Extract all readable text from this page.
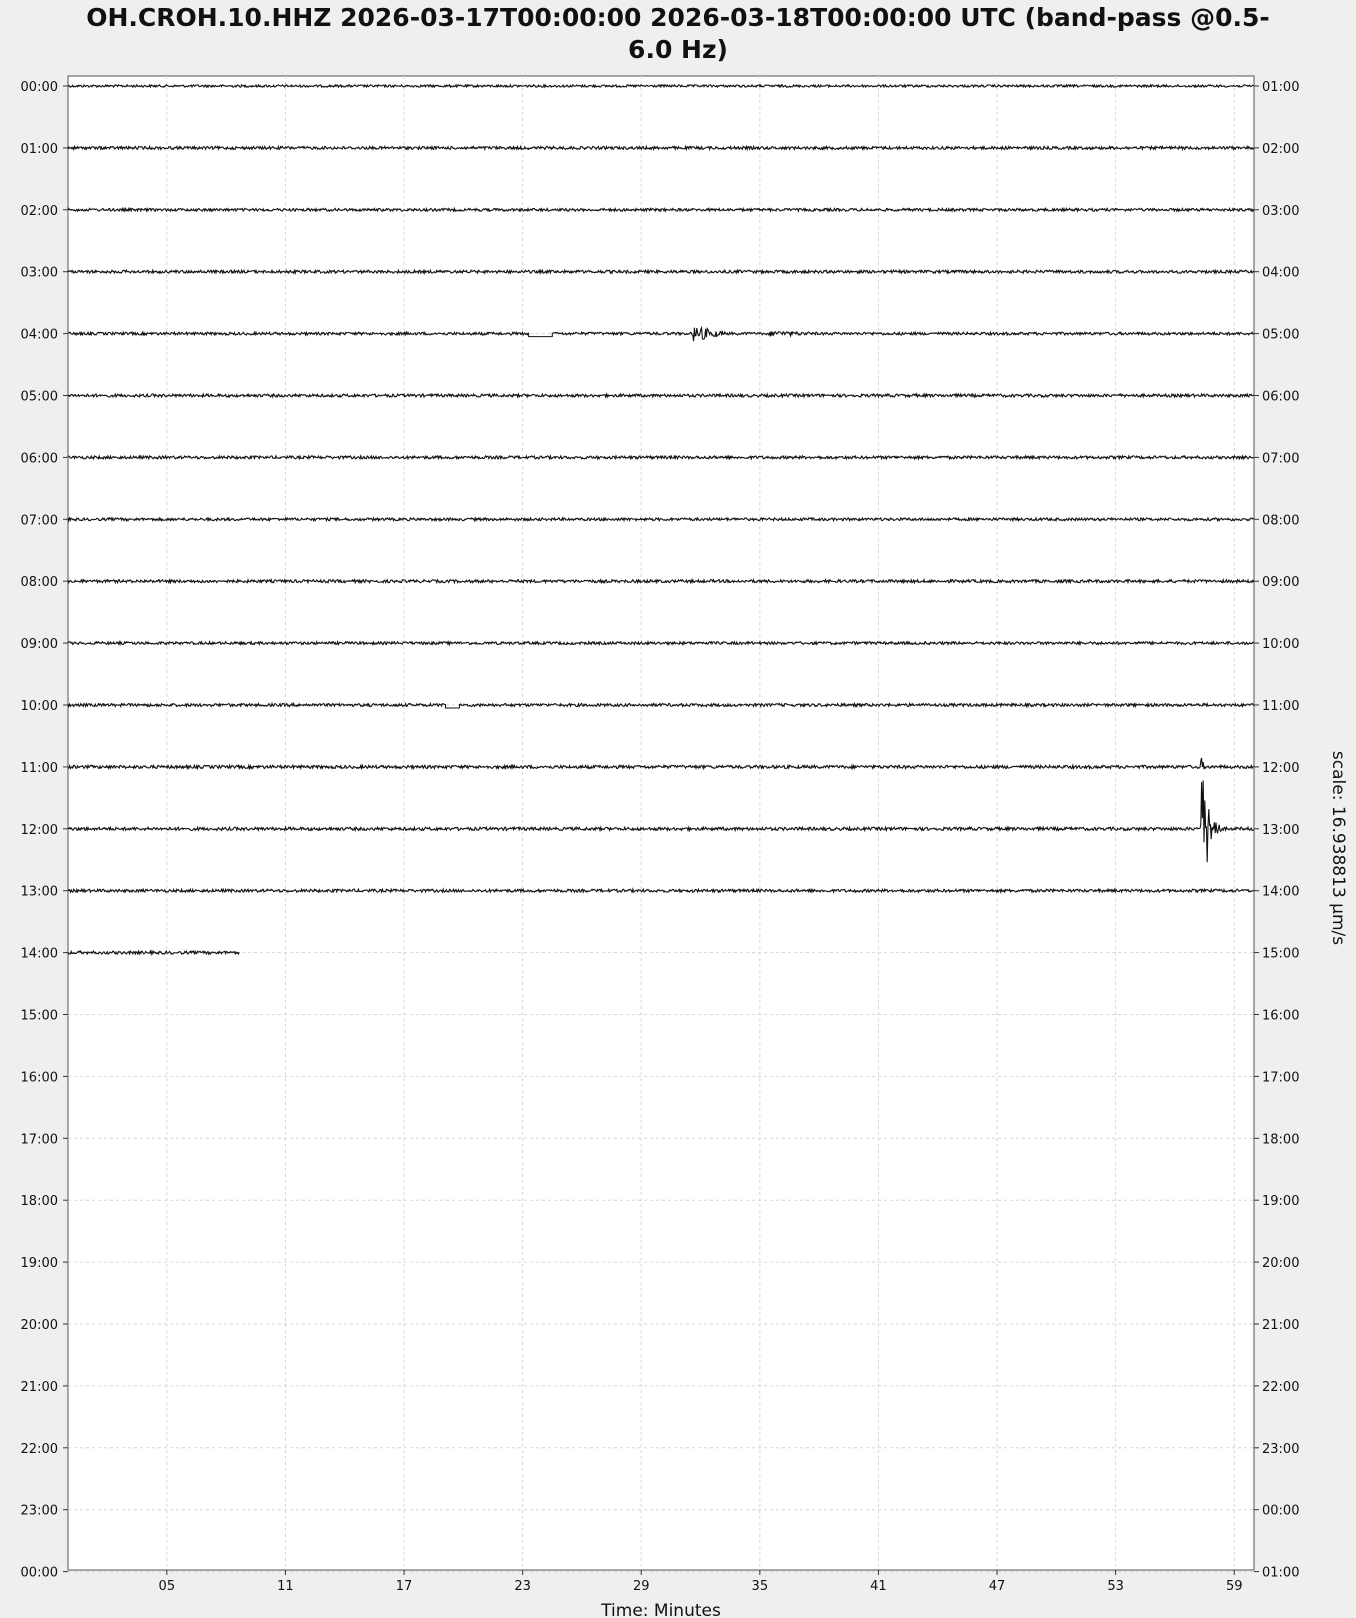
OH.CROH.10.HHZ 2026-03-17T00:00:00 2026-03-18T00:00:00 UTC (band-pass @0.5-
6.0 Hz)
00:00
01:00
02:00
03:00
04:00
05:00
06:00
07:00
08:00
09:00
10:00
11:00
12:00
13:00
14:00
15:00
16:00
17:00
18:00
19:00
20:00
21:00
22:00
23:00
00:00
01:00
02:00
03:00
04:00
05:00
06:00
07:00
08:00
09:00
10:00
11:00
12:00
13:00
14:00
15:00
16:00
17:00
18:00
19:00
20:00
21:00
22:00
23:00
00:00
01:00
05	11	17	23	29	35	41	47	53	59
Time: Minutes
scale: 16.938813 µm/s
